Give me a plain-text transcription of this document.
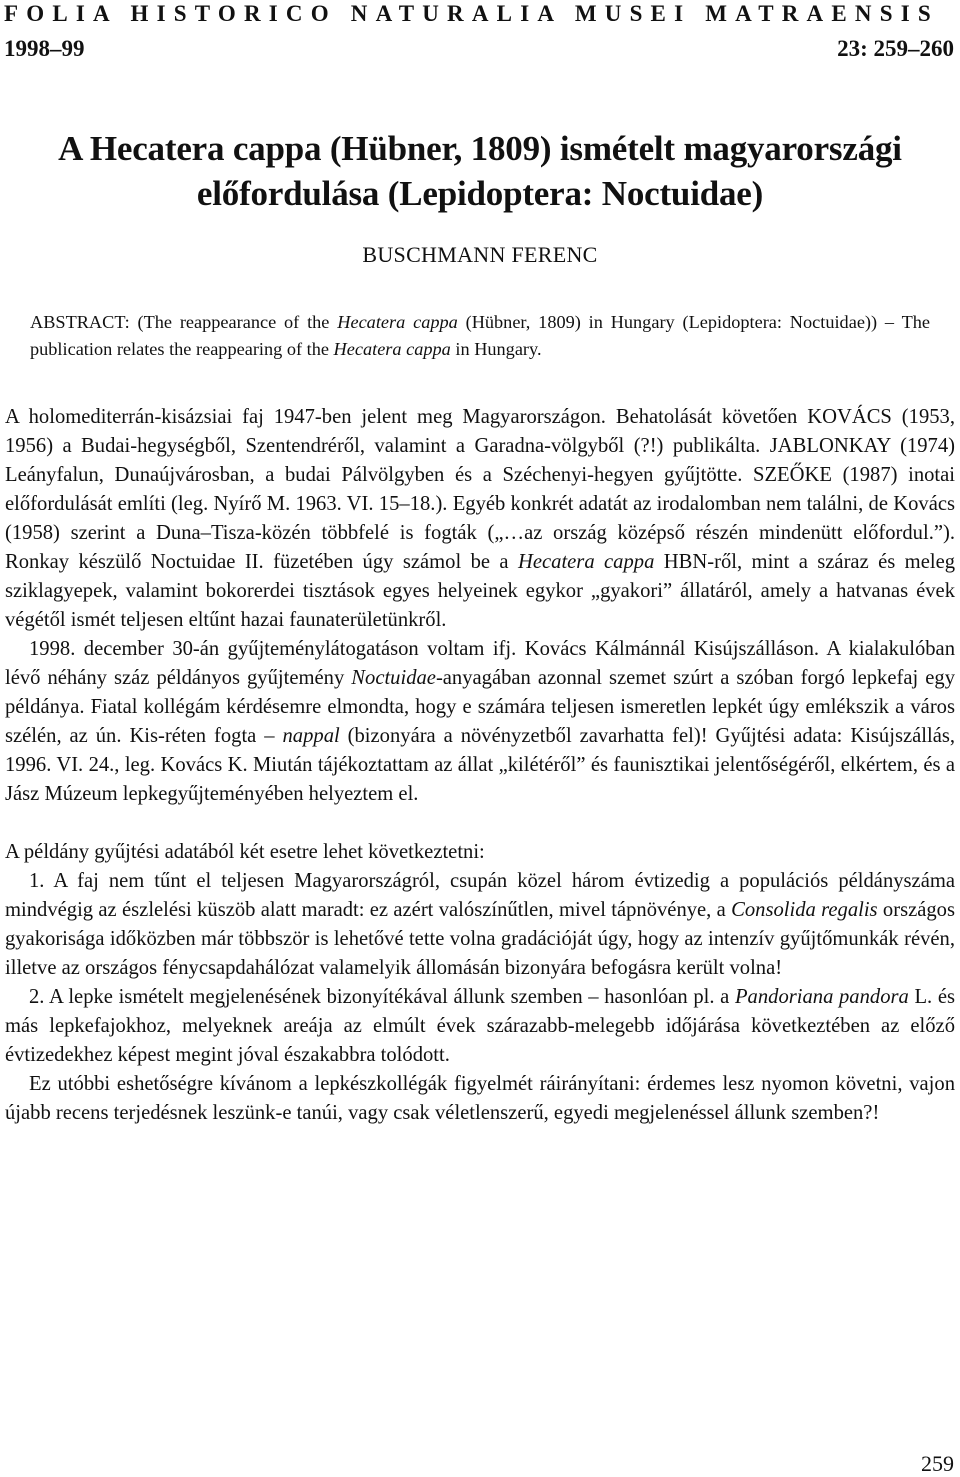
FOLIA HISTORICO NATURALIA MUSEI MATRAENSIS
1998–99	23: 259–260
A Hecatera cappa (Hübner, 1809) ismételt magyarországi
előfordulása (Lepidoptera: Noctuidae)
BUSCHMANN FERENC
ABSTRACT: (The reappearance of the Hecatera cappa (Hübner, 1809) in Hungary (Lepidoptera: Noctuidae)) – The publication relates the reappearing of the Hecatera cappa in Hungary.

A holomediterrán-kisázsiai faj 1947-ben jelent meg Magyarországon. Behatolását követően KOVÁCS (1953, 1956) a Budai-hegységből, Szentendréről, valamint a Garadna-völgyből (?!) publikálta. JABLONKAY (1974) Leányfalun, Dunaújvárosban, a budai Pálvölgyben és a Széchenyi-hegyen gyűjtötte. SZEŐKE (1987) inotai előfordulását említi (leg. Nyírő M. 1963. VI. 15–18.). Egyéb konkrét adatát az irodalomban nem találni, de Kovács (1958) szerint a Duna–Tisza-közén többfelé is fogták („…az ország középső részén mindenütt előfordul.”). Ronkay készülő Noctuidae II. füzetében úgy számol be a Hecatera cappa HBN-ről, mint a száraz és meleg sziklagyepek, valamint bokorerdei tisztások egyes helyeinek egykor „gyakori” állatáról, amely a hatvanas évek végétől ismét teljesen eltűnt hazai faunaterületünkről.

1998. december 30-án gyűjteménylátogatáson voltam ifj. Kovács Kálmánnál Kisújszálláson. A kialakulóban lévő néhány száz példányos gyűjtemény Noctuidae-anyagában azonnal szemet szúrt a szóban forgó lepkefaj egy példánya. Fiatal kollégám kérdésemre elmondta, hogy e számára teljesen ismeretlen lepkét úgy emlékszik a város szélén, az ún. Kis-réten fogta – nappal (bizonyára a növényzetből zavarhatta fel)! Gyűjtési adata: Kisújszállás, 1996. VI. 24., leg. Kovács K. Miután tájékoztattam az állat „kilétéről” és faunisztikai jelentőségéről, elkértem, és a Jász Múzeum lepkegyűjteményében helyeztem el.

A példány gyűjtési adatából két esetre lehet következtetni:

1. A faj nem tűnt el teljesen Magyarországról, csupán közel három évtizedig a populációs példányszáma mindvégig az észlelési küszöb alatt maradt: ez azért valószínűtlen, mivel tápnövénye, a Consolida regalis országos gyakorisága időközben már többször is lehetővé tette volna gradációját úgy, hogy az intenzív gyűjtőmunkák révén, illetve az országos fénycsapdahálózat valamelyik állomásán bizonyára befogásra került volna!

2. A lepke ismételt megjelenésének bizonyítékával állunk szemben – hasonlóan pl. a Pandoriana pandora L. és más lepkefajokhoz, melyeknek areája az elmúlt évek szárazabb-melegebb időjárása következtében az előző évtizedekhez képest megint jóval északabbra tolódott.

Ez utóbbi eshetőségre kívánom a lepkészkollégák figyelmét ráirányítani: érdemes lesz nyomon követni, vajon újabb recens terjedésnek leszünk-e tanúi, vagy csak véletlenszerű, egyedi megjelenéssel állunk szemben?!

259
